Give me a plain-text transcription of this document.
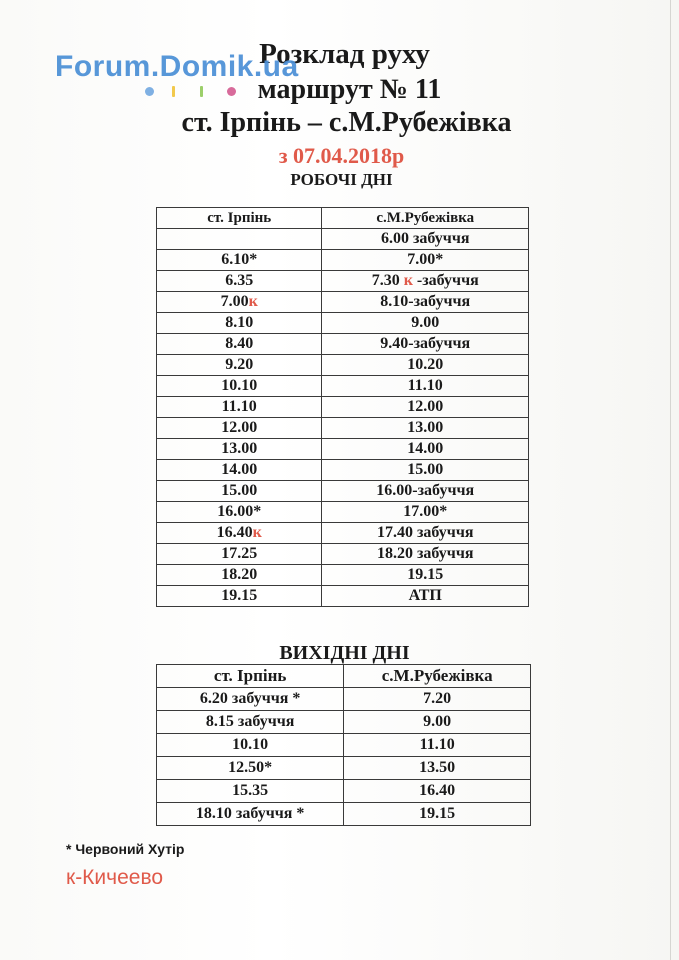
Розклад руху
маршрут № 11
ст. Ірпінь – с.М.Рубежівка
з 07.04.2018р
РОБОЧІ ДНІ
Forum.Domik.ua
ст. Ірпінь	с.М.Рубежівка
	6.00 забуччя
6.10*	7.00*
6.35	7.30 к -забуччя
7.00к	8.10-забуччя
8.10	9.00
8.40	9.40-забуччя
9.20	10.20
10.10	11.10
11.10	12.00
12.00	13.00
13.00	14.00
14.00	15.00
15.00	16.00-забуччя
16.00*	17.00*
16.40к	17.40 забуччя
17.25	18.20 забуччя
18.20	19.15
19.15	АТП
ВИХІДНІ ДНІ
ст. Ірпінь	с.М.Рубежівка
6.20 забуччя *	7.20
8.15 забуччя	9.00
10.10	11.10
12.50*	13.50
15.35	16.40
18.10 забуччя *	19.15
* Червоний Хутір
к-Кичеево
